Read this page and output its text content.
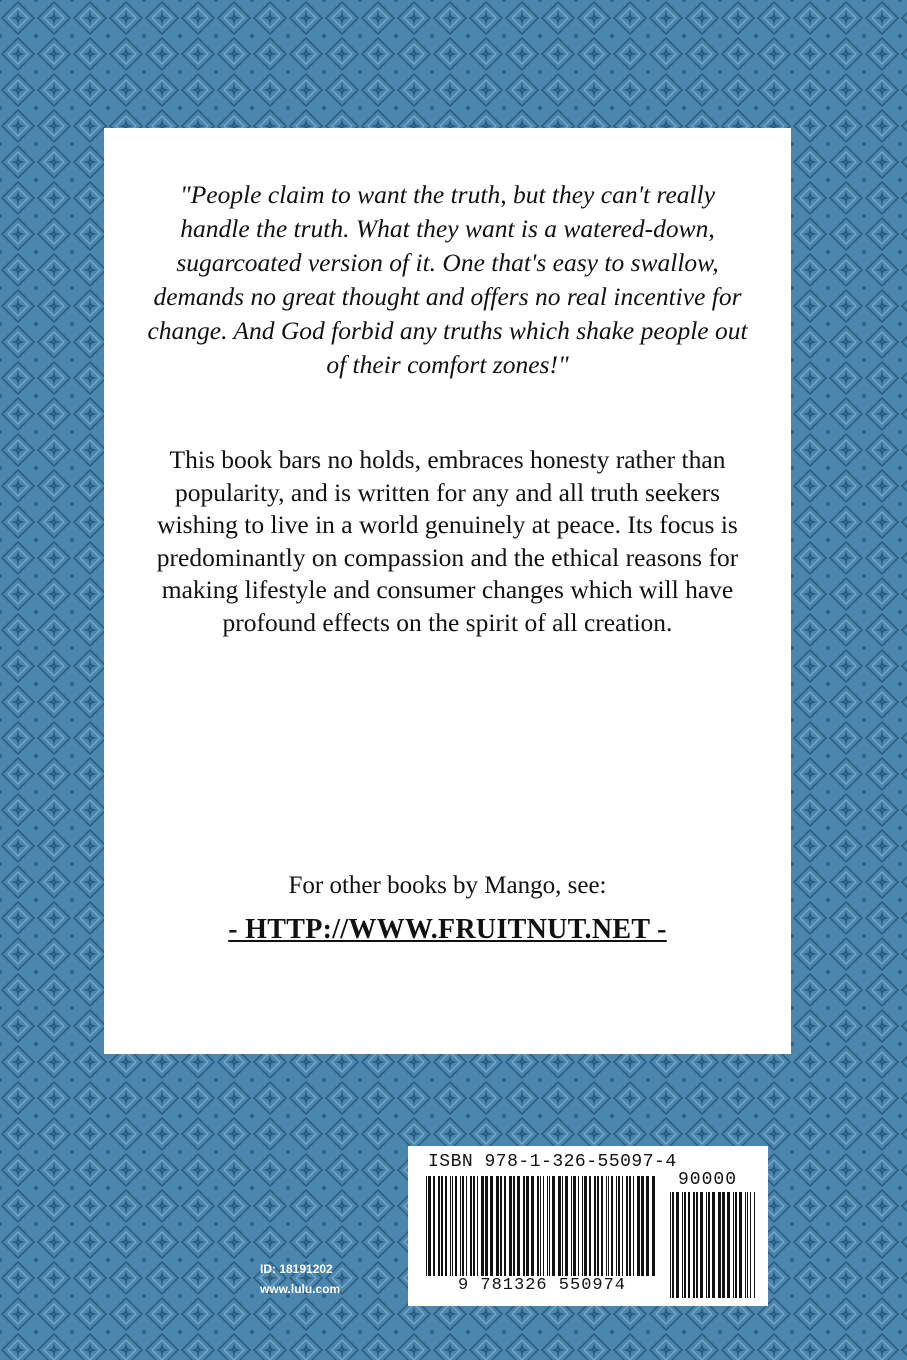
"People claim to want the truth, but they can't really handle the truth. What they want is a watered-down, sugarcoated version of it. One that's easy to swallow, demands no great thought and offers no real incentive for change. And God forbid any truths which shake people out of their comfort zones!"
This book bars no holds, embraces honesty rather than popularity, and is written for any and all truth seekers wishing to live in a world genuinely at peace. Its focus is predominantly on compassion and the ethical reasons for making lifestyle and consumer changes which will have profound effects on the spirit of all creation.
For other books by Mango, see:
- HTTP://WWW.FRUITNUT.NET -
ID: 18191202
www.lulu.com
ISBN 978-1-326-55097-4
9 781326 550974
90000
